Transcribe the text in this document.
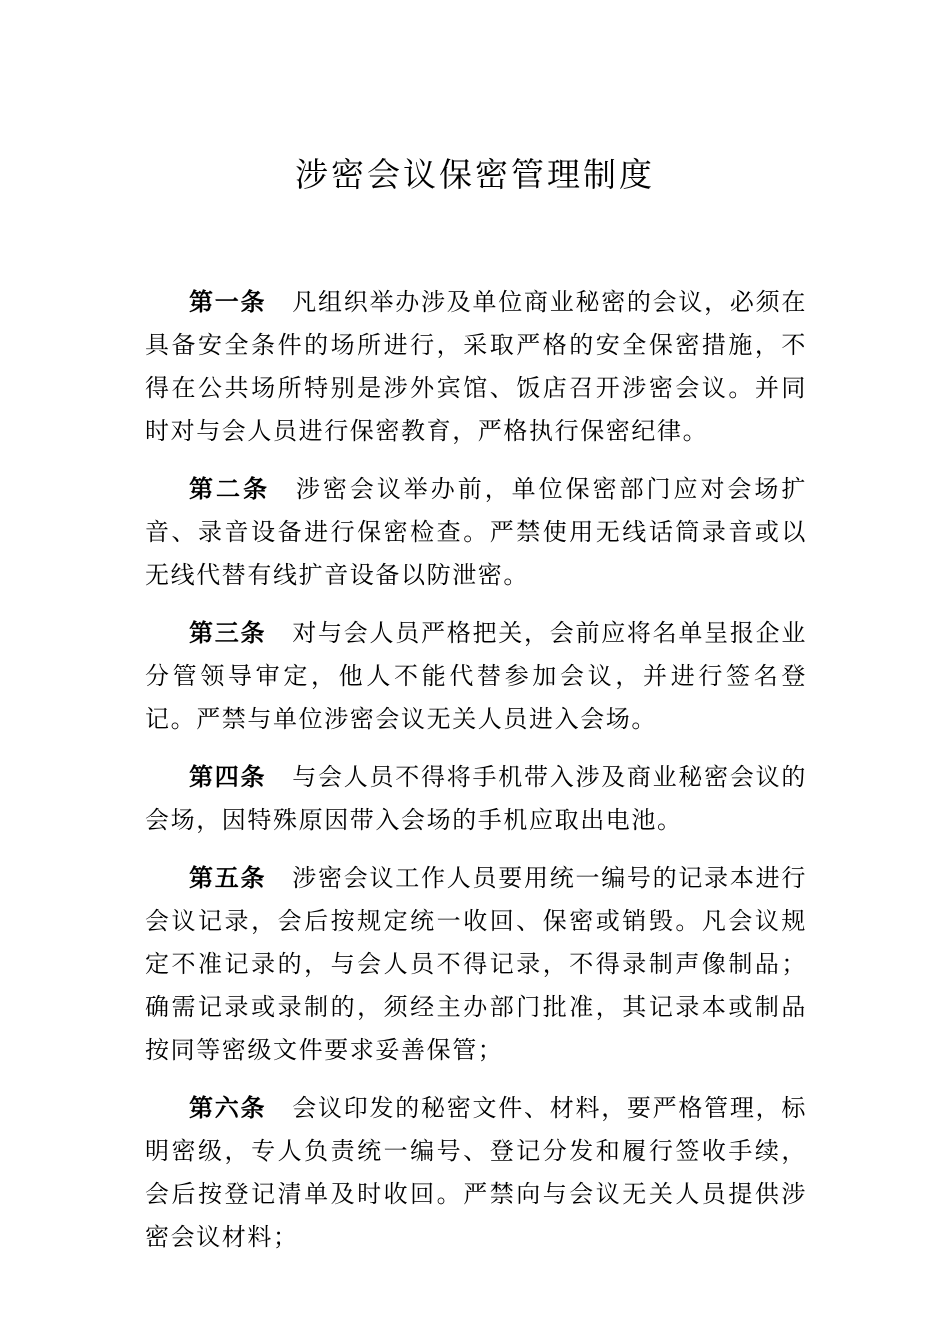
涉密会议保密管理制度

第一条 凡组织举办涉及单位商业秘密的会议，必须在具备安全条件的场所进行，采取严格的安全保密措施，不得在公共场所特别是涉外宾馆、饭店召开涉密会议。并同时对与会人员进行保密教育，严格执行保密纪律。

第二条 涉密会议举办前，单位保密部门应对会场扩音、录音设备进行保密检查。严禁使用无线话筒录音或以无线代替有线扩音设备以防泄密。

第三条 对与会人员严格把关，会前应将名单呈报企业分管领导审定，他人不能代替参加会议，并进行签名登记。严禁与单位涉密会议无关人员进入会场。

第四条 与会人员不得将手机带入涉及商业秘密会议的会场，因特殊原因带入会场的手机应取出电池。

第五条 涉密会议工作人员要用统一编号的记录本进行会议记录，会后按规定统一收回、保密或销毁。凡会议规定不准记录的，与会人员不得记录，不得录制声像制品；确需记录或录制的，须经主办部门批准，其记录本或制品按同等密级文件要求妥善保管；

第六条 会议印发的秘密文件、材料，要严格管理，标明密级，专人负责统一编号、登记分发和履行签收手续，会后按登记清单及时收回。严禁向与会议无关人员提供涉密会议材料；
